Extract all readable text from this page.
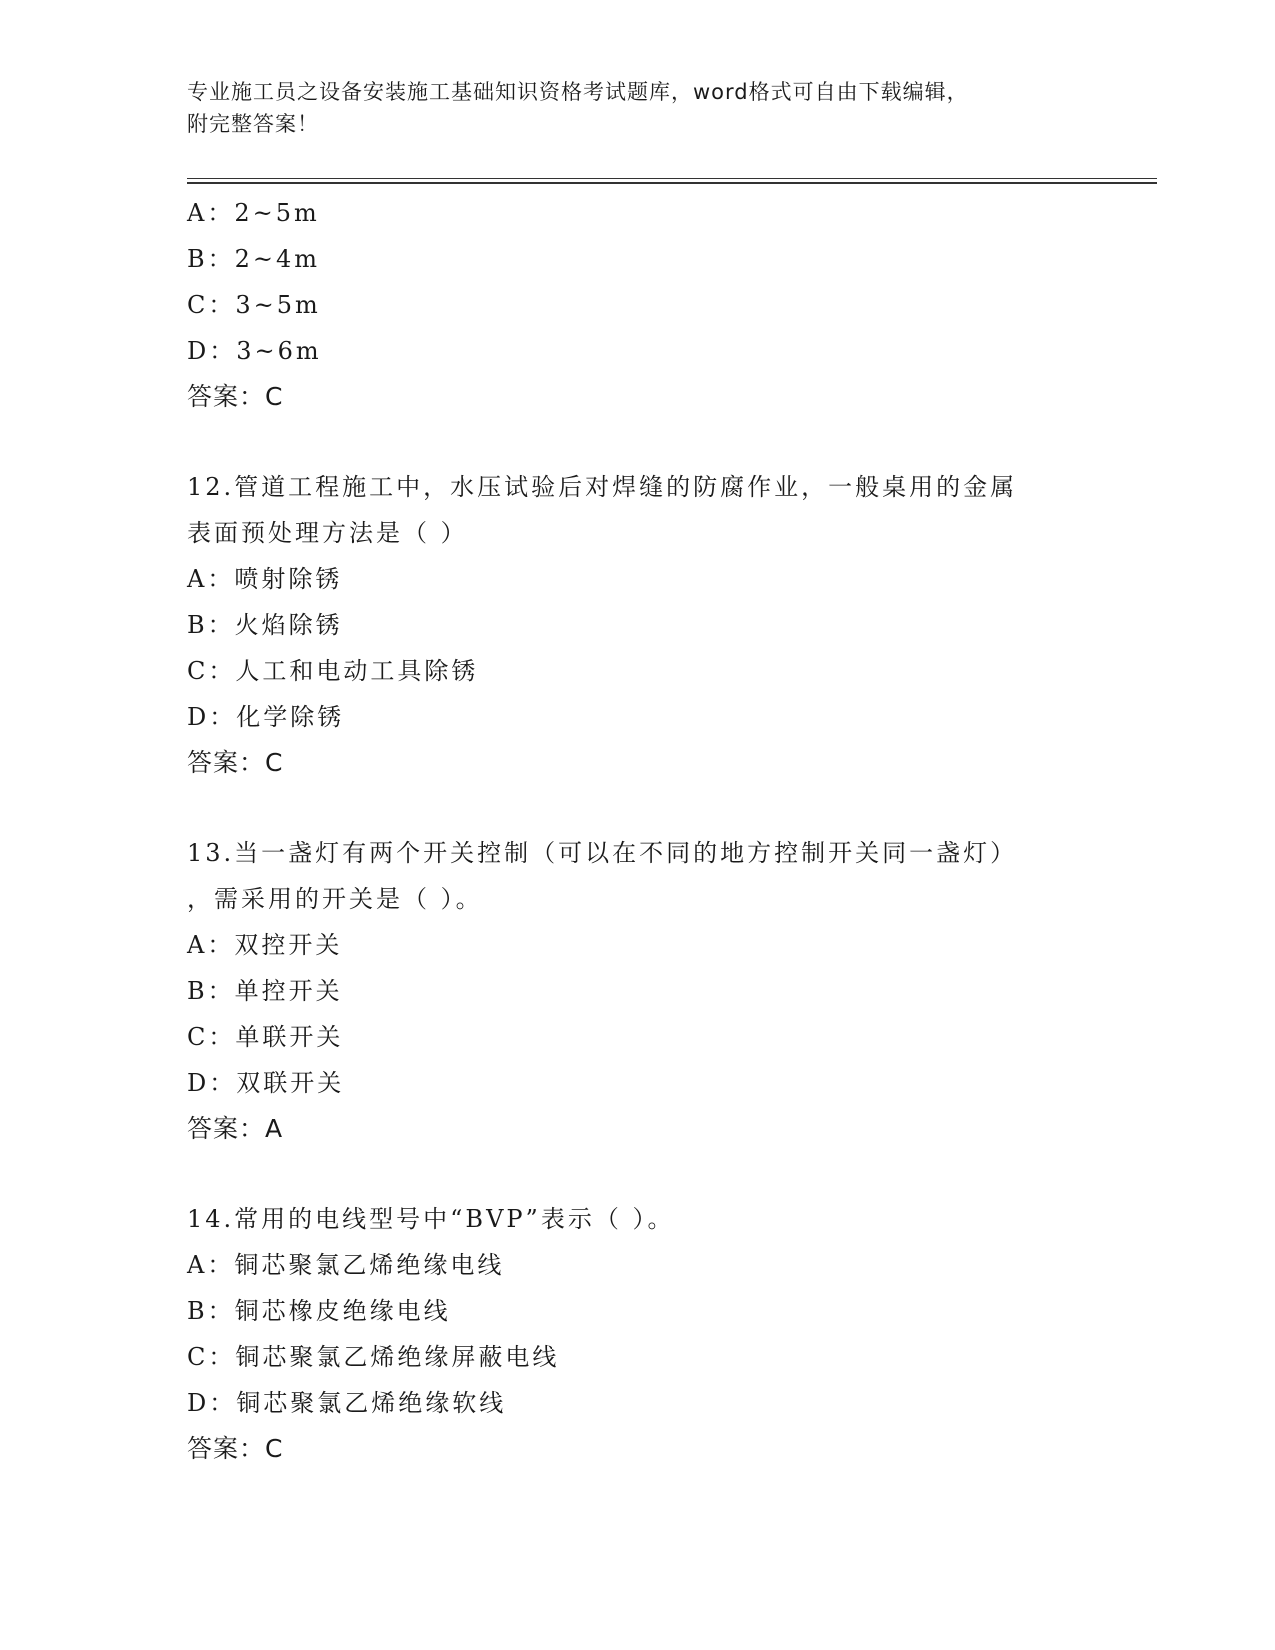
专业施工员之设备安装施工基础知识资格考试题库，word格式可自由下载编辑，
附完整答案！
A：2~5m
B：2~4m
C：3~5m
D：3~6m
答案：C
12.管道工程施工中，水压试验后对焊缝的防腐作业，一般桌用的金属
表面预处理方法是（ ）
A：喷射除锈
B：火焰除锈
C：人工和电动工具除锈
D：化学除锈
答案：C
13.当一盏灯有两个开关控制（可以在不同的地方控制开关同一盏灯）
，需采用的开关是（ ）。
A：双控开关
B：单控开关
C：单联开关
D：双联开关
答案：A
14.常用的电线型号中“BVP”表示（ ）。
A：铜芯聚氯乙烯绝缘电线
B：铜芯橡皮绝缘电线
C：铜芯聚氯乙烯绝缘屏蔽电线
D：铜芯聚氯乙烯绝缘软线
答案：C
